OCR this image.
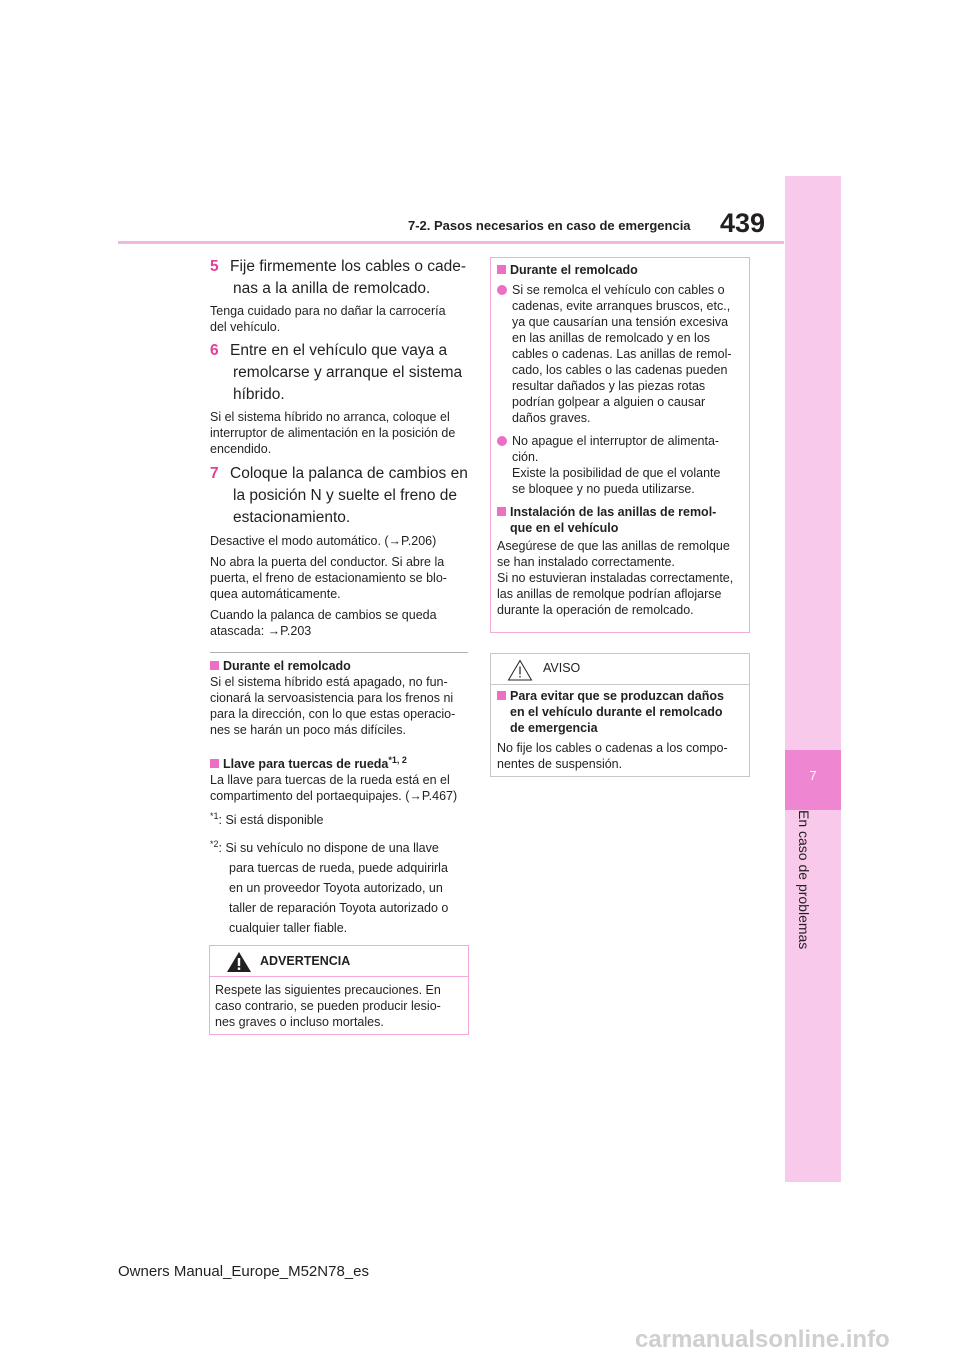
7-2. Pasos necesarios en caso de emergencia 439
7
En caso de problemas
5 Fije firmemente los cables o cade-
nas a la anilla de remolcado.
Tenga cuidado para no dañar la carrocería
del vehículo.
6 Entre en el vehículo que vaya a
remolcarse y arranque el sistema
híbrido.
Si el sistema híbrido no arranca, coloque el
interruptor de alimentación en la posición de
encendido.
7 Coloque la palanca de cambios en
la posición N y suelte el freno de
estacionamiento.
Desactive el modo automático. (→P.206)
No abra la puerta del conductor. Si abre la
puerta, el freno de estacionamiento se blo-
quea automáticamente.
Cuando la palanca de cambios se queda
atascada: →P.203
Durante el remolcado
Si el sistema híbrido está apagado, no fun-
cionará la servoasistencia para los frenos ni
para la dirección, con lo que estas operacio-
nes se harán un poco más difíciles.
Llave para tuercas de rueda$^{*1, 2}$
La llave para tuercas de la rueda está en el
compartimento del portaequipajes. (→P.467)
$^{*1}$: Si está disponible
$^{*2}$: Si su vehículo no dispone de una llave
para tuercas de rueda, puede adquirirla
en un proveedor Toyota autorizado, un
taller de reparación Toyota autorizado o
cualquier taller fiable.
ADVERTENCIA
Respete las siguientes precauciones. En
caso contrario, se pueden producir lesio-
nes graves o incluso mortales.
Durante el remolcado
Si se remolca el vehículo con cables o
cadenas, evite arranques bruscos, etc.,
ya que causarían una tensión excesiva
en las anillas de remolcado y en los
cables o cadenas. Las anillas de remol-
cado, los cables o las cadenas pueden
resultar dañados y las piezas rotas
podrían golpear a alguien o causar
daños graves.
No apague el interruptor de alimenta-
ción.
Existe la posibilidad de que el volante
se bloquee y no pueda utilizarse.
Instalación de las anillas de remol-
que en el vehículo
Asegúrese de que las anillas de remolque
se han instalado correctamente.
Si no estuvieran instaladas correctamente,
las anillas de remolque podrían aflojarse
durante la operación de remolcado.
AVISO
Para evitar que se produzcan daños
en el vehículo durante el remolcado
de emergencia
No fije los cables o cadenas a los compo-
nentes de suspensión.
Owners Manual_Europe_M52N78_es
carmanualsonline.info
